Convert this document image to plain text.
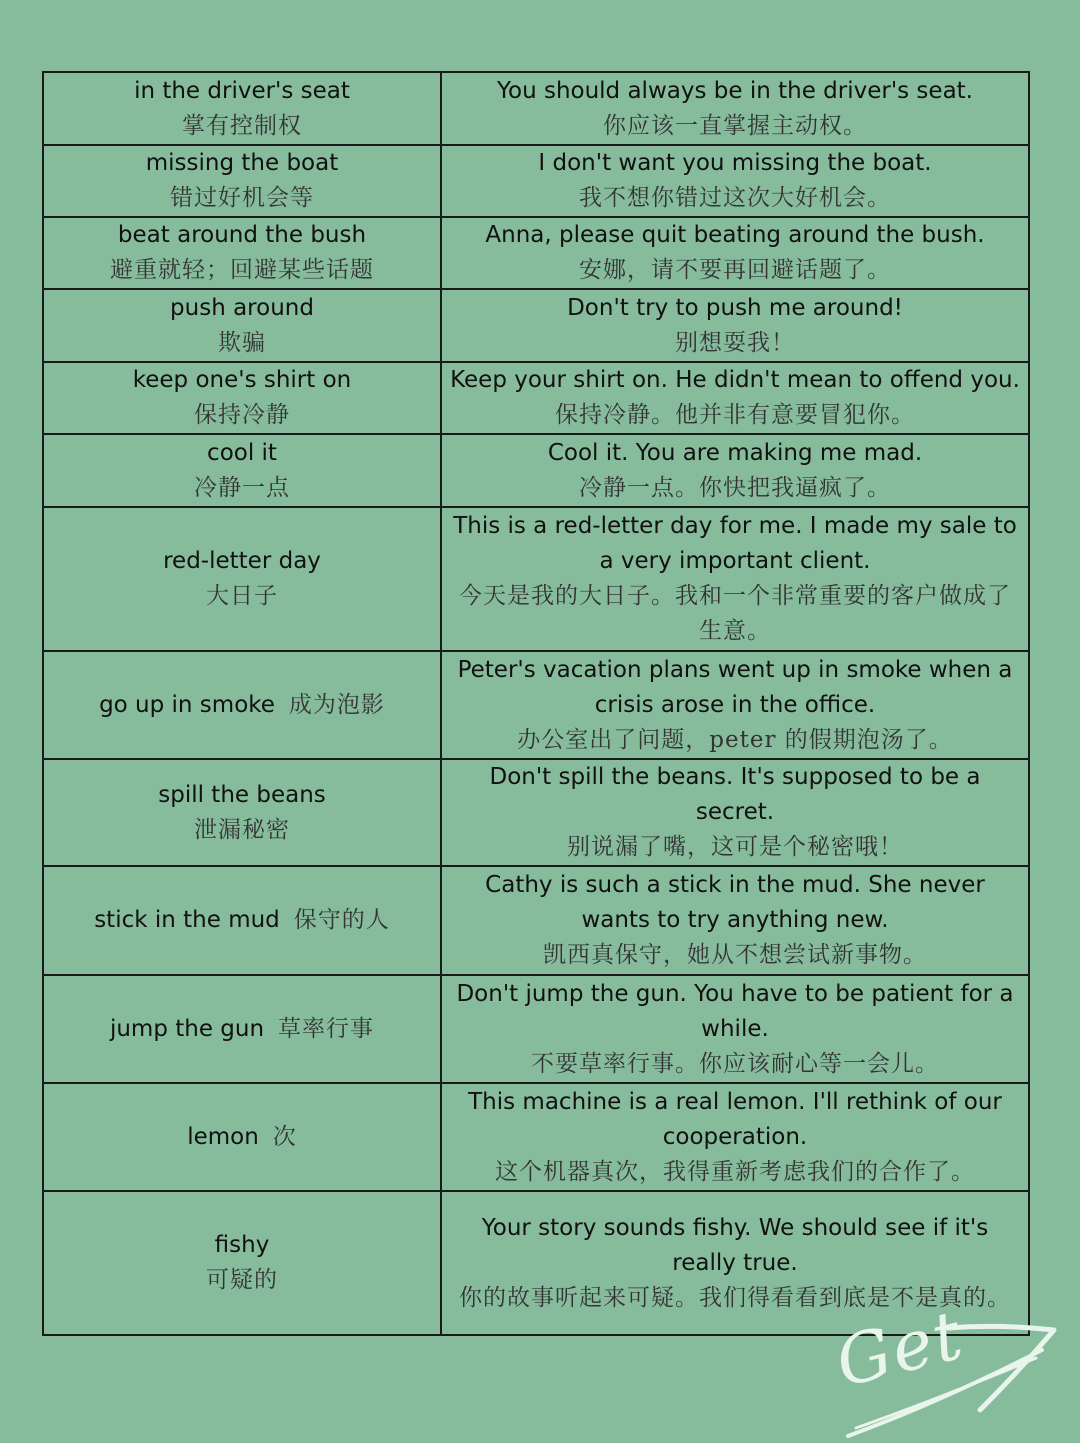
in the driver's seat
掌有控制权	You should always be in the driver's seat.
你应该一直掌握主动权。

missing the boat
错过好机会等	I don't want you missing the boat.
我不想你错过这次大好机会。

beat around the bush
避重就轻；回避某些话题	Anna, please quit beating around the bush.
安娜，请不要再回避话题了。

push around
欺骗	Don't try to push me around!
别想耍我！

keep one's shirt on
保持冷静	Keep your shirt on. He didn't mean to offend you.
保持冷静。他并非有意要冒犯你。

cool it
冷静一点	Cool it. You are making me mad.
冷静一点。你快把我逼疯了。

red-letter day
大日子	This is a red-letter day for me. I made my sale to a very important client.
今天是我的大日子。我和一个非常重要的客户做成了生意。

go up in smoke 成为泡影	Peter's vacation plans went up in smoke when a crisis arose in the office.
办公室出了问题，peter 的假期泡汤了。

spill the beans
泄漏秘密	Don't spill the beans. It's supposed to be a secret.
别说漏了嘴，这可是个秘密哦！

stick in the mud 保守的人	Cathy is such a stick in the mud. She never wants to try anything new.
凯西真保守，她从不想尝试新事物。

jump the gun 草率行事	Don't jump the gun. You have to be patient for a while.
不要草率行事。你应该耐心等一会儿。

lemon 次	This machine is a real lemon. I'll rethink of our cooperation.
这个机器真次，我得重新考虑我们的合作了。

fishy
可疑的	Your story sounds fishy. We should see if it's really true.
你的故事听起来可疑。我们得看看到底是不是真的。
Get
